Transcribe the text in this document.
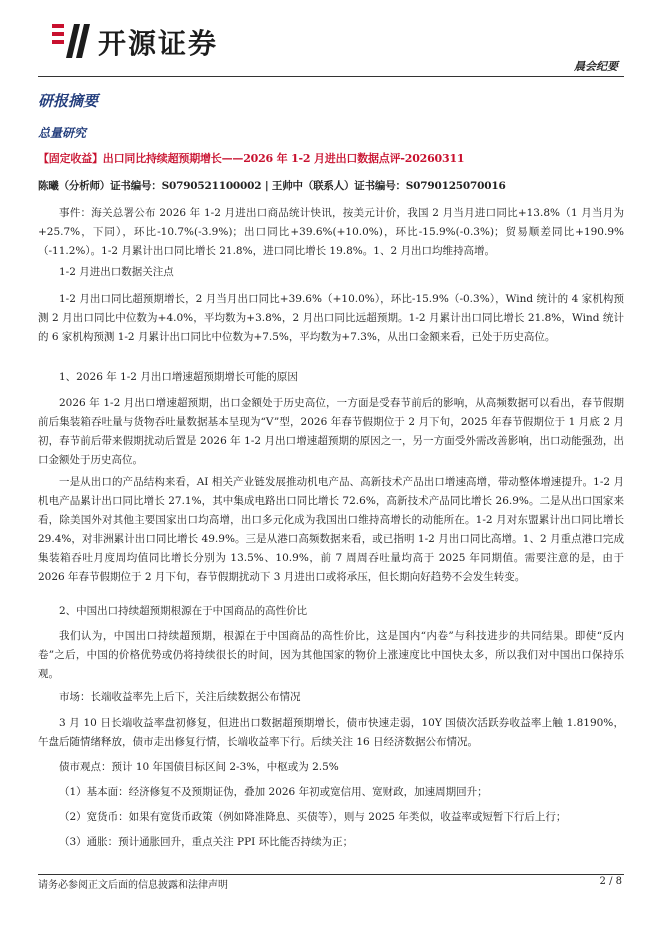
开源证券
晨会纪要
研报摘要
总量研究
【固定收益】出口同比持续超预期增长——2026 年 1-2 月进出口数据点评-20260311
陈曦（分析师）证书编号：S0790521100002 | 王帅中（联系人）证书编号：S0790125070016

事件：海关总署公布 2026 年 1-2 月进出口商品统计快讯，按美元计价，我国 2 月当月进口同比+13.8%（1 月当月为+25.7%，下同），环比-10.7%(-3.9%)；出口同比+39.6%(+10.0%)，环比-15.9%(-0.3%)；贸易顺差同比+190.9%（-11.2%）。1-2 月累计出口同比增长 21.8%，进口同比增长 19.8%。1、2 月出口均维持高增。

1-2 月进出口数据关注点

1-2 月出口同比超预期增长，2 月当月出口同比+39.6%（+10.0%），环比-15.9%（-0.3%），Wind 统计的 4 家机构预测 2 月出口同比中位数为+4.0%，平均数为+3.8%，2 月出口同比远超预期。1-2 月累计出口同比增长 21.8%，Wind 统计的 6 家机构预测 1-2 月累计出口同比中位数为+7.5%，平均数为+7.3%，从出口金额来看，已处于历史高位。

1、2026 年 1-2 月出口增速超预期增长可能的原因

2026 年 1-2 月出口增速超预期，出口金额处于历史高位，一方面是受春节前后的影响，从高频数据可以看出，春节假期前后集装箱吞吐量与货物吞吐量数据基本呈现为“V”型，2026 年春节假期位于 2 月下旬，2025 年春节假期位于 1 月底 2 月初，春节前后带来假期扰动后置是 2026 年 1-2 月出口增速超预期的原因之一，另一方面受外需改善影响，出口动能强劲，出口金额处于历史高位。

一是从出口的产品结构来看，AI 相关产业链发展推动机电产品、高新技术产品出口增速高增，带动整体增速提升。1-2 月机电产品累计出口同比增长 27.1%，其中集成电路出口同比增长 72.6%，高新技术产品同比增长 26.9%。二是从出口国家来看，除美国外对其他主要国家出口均高增，出口多元化成为我国出口维持高增长的动能所在。1-2 月对东盟累计出口同比增长 29.4%，对非洲累计出口同比增长 49.9%。三是从港口高频数据来看，或已指明 1-2 月出口同比高增。1、2 月重点港口完成集装箱吞吐月度周均值同比增长分别为 13.5%、10.9%，前 7 周周吞吐量均高于 2025 年同期值。需要注意的是，由于 2026 年春节假期位于 2 月下旬，春节假期扰动下 3 月进出口或将承压，但长期向好趋势不会发生转变。

2、中国出口持续超预期根源在于中国商品的高性价比

我们认为，中国出口持续超预期，根源在于中国商品的高性价比，这是国内“内卷”与科技进步的共同结果。即使“反内卷”之后，中国的价格优势或仍将持续很长的时间，因为其他国家的物价上涨速度比中国快太多，所以我们对中国出口保持乐观。

市场：长端收益率先上后下，关注后续数据公布情况

3 月 10 日长端收益率盘初修复，但进出口数据超预期增长，债市快速走弱，10Y 国债次活跃券收益率上触 1.8190%，午盘后随情绪释放，债市走出修复行情，长端收益率下行。后续关注 16 日经济数据公布情况。

债市观点：预计 10 年国债目标区间 2-3%，中枢或为 2.5%

（1）基本面：经济修复不及预期证伪，叠加 2026 年初或宽信用、宽财政，加速周期回升；

（2）宽货币：如果有宽货币政策（例如降准降息、买债等），则与 2025 年类似，收益率或短暂下行后上行；

（3）通胀：预计通胀回升，重点关注 PPI 环比能否持续为正；

请务必参阅正文后面的信息披露和法律声明	2 / 8
